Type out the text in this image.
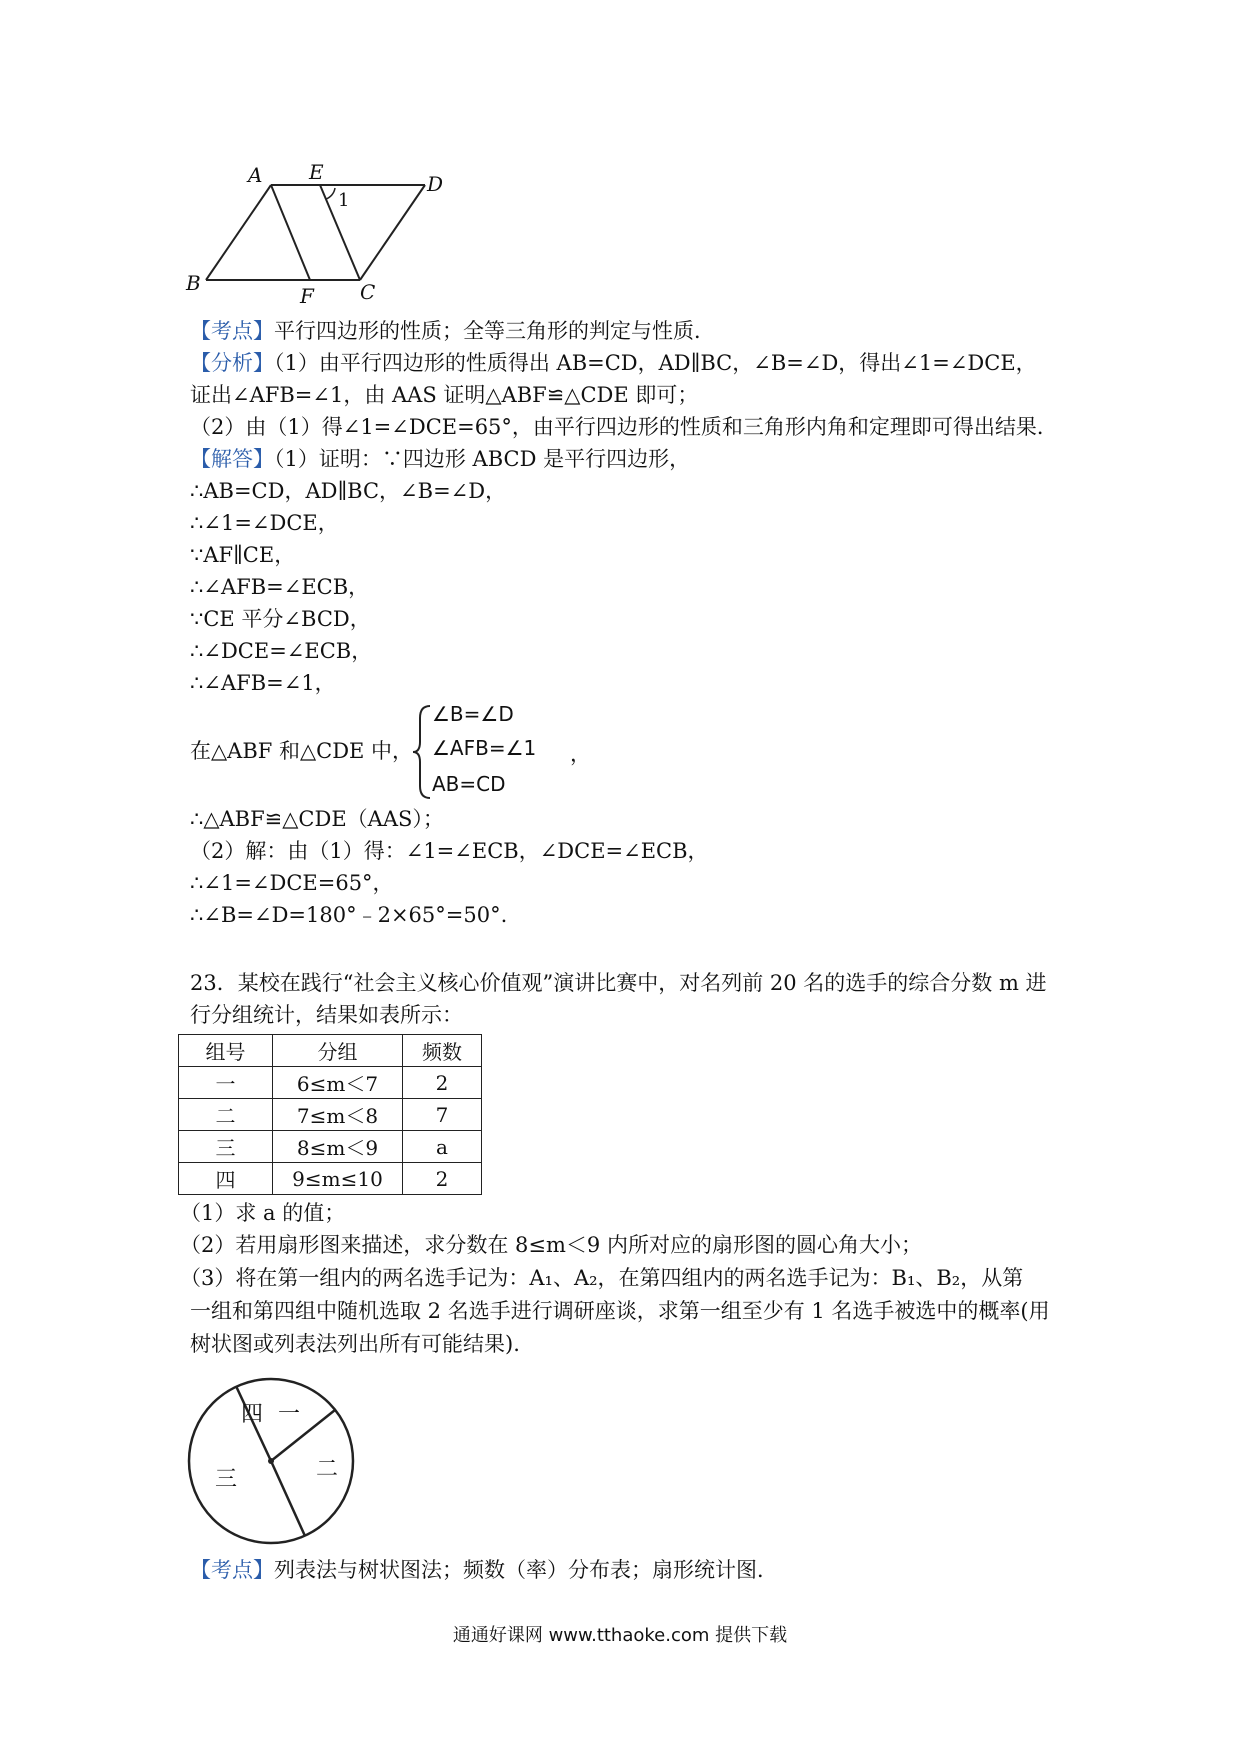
A E	D
B
F C
1
【考点】平行四边形的性质；全等三角形的判定与性质．
【分析】（1）由平行四边形的性质得出 AB=CD，AD∥BC，∠B=∠D，得出∠1=∠DCE，
证出∠AFB=∠1，由 AAS 证明△ABF≌△CDE 即可；
（2）由（1）得∠1=∠DCE=65°，由平行四边形的性质和三角形内角和定理即可得出结果．
【解答】（1）证明：∵四边形 ABCD 是平行四边形，
∴AB=CD，AD∥BC，∠B=∠D，
∴∠1=∠DCE，
∵AF∥CE，
∴∠AFB=∠ECB，
∵CE 平分∠BCD，
∴∠DCE=∠ECB，
∴∠AFB=∠1，
在△ABF 和△CDE 中，
∠B=∠D
∠AFB=∠1
AB=CD
，
∴△ABF≌△CDE（AAS）；
（2）解：由（1）得：∠1=∠ECB，∠DCE=∠ECB，
∴∠1=∠DCE=65°，
∴∠B=∠D=180°﹣2×65°=50°.
23．某校在践行“社会主义核心价值观”演讲比赛中，对名列前 20 名的选手的综合分数 m 进
行分组统计，结果如表所示：
组号	分组	频数
一	6≤m＜7	2
二	7≤m＜8	7
三	8≤m＜9	a
四	9≤m≤10	2
（1）求 a 的值；
（2）若用扇形图来描述，求分数在 8≤m＜9 内所对应的扇形图的圆心角大小；
（3）将在第一组内的两名选手记为：A₁、A₂，在第四组内的两名选手记为：B₁、B₂，从第
一组和第四组中随机选取 2 名选手进行调研座谈，求第一组至少有 1 名选手被选中的概率(用
树状图或列表法列出所有可能结果).
四 一
二
三
【考点】列表法与树状图法；频数（率）分布表；扇形统计图．
通通好课网 www.tthaoke.com 提供下载
